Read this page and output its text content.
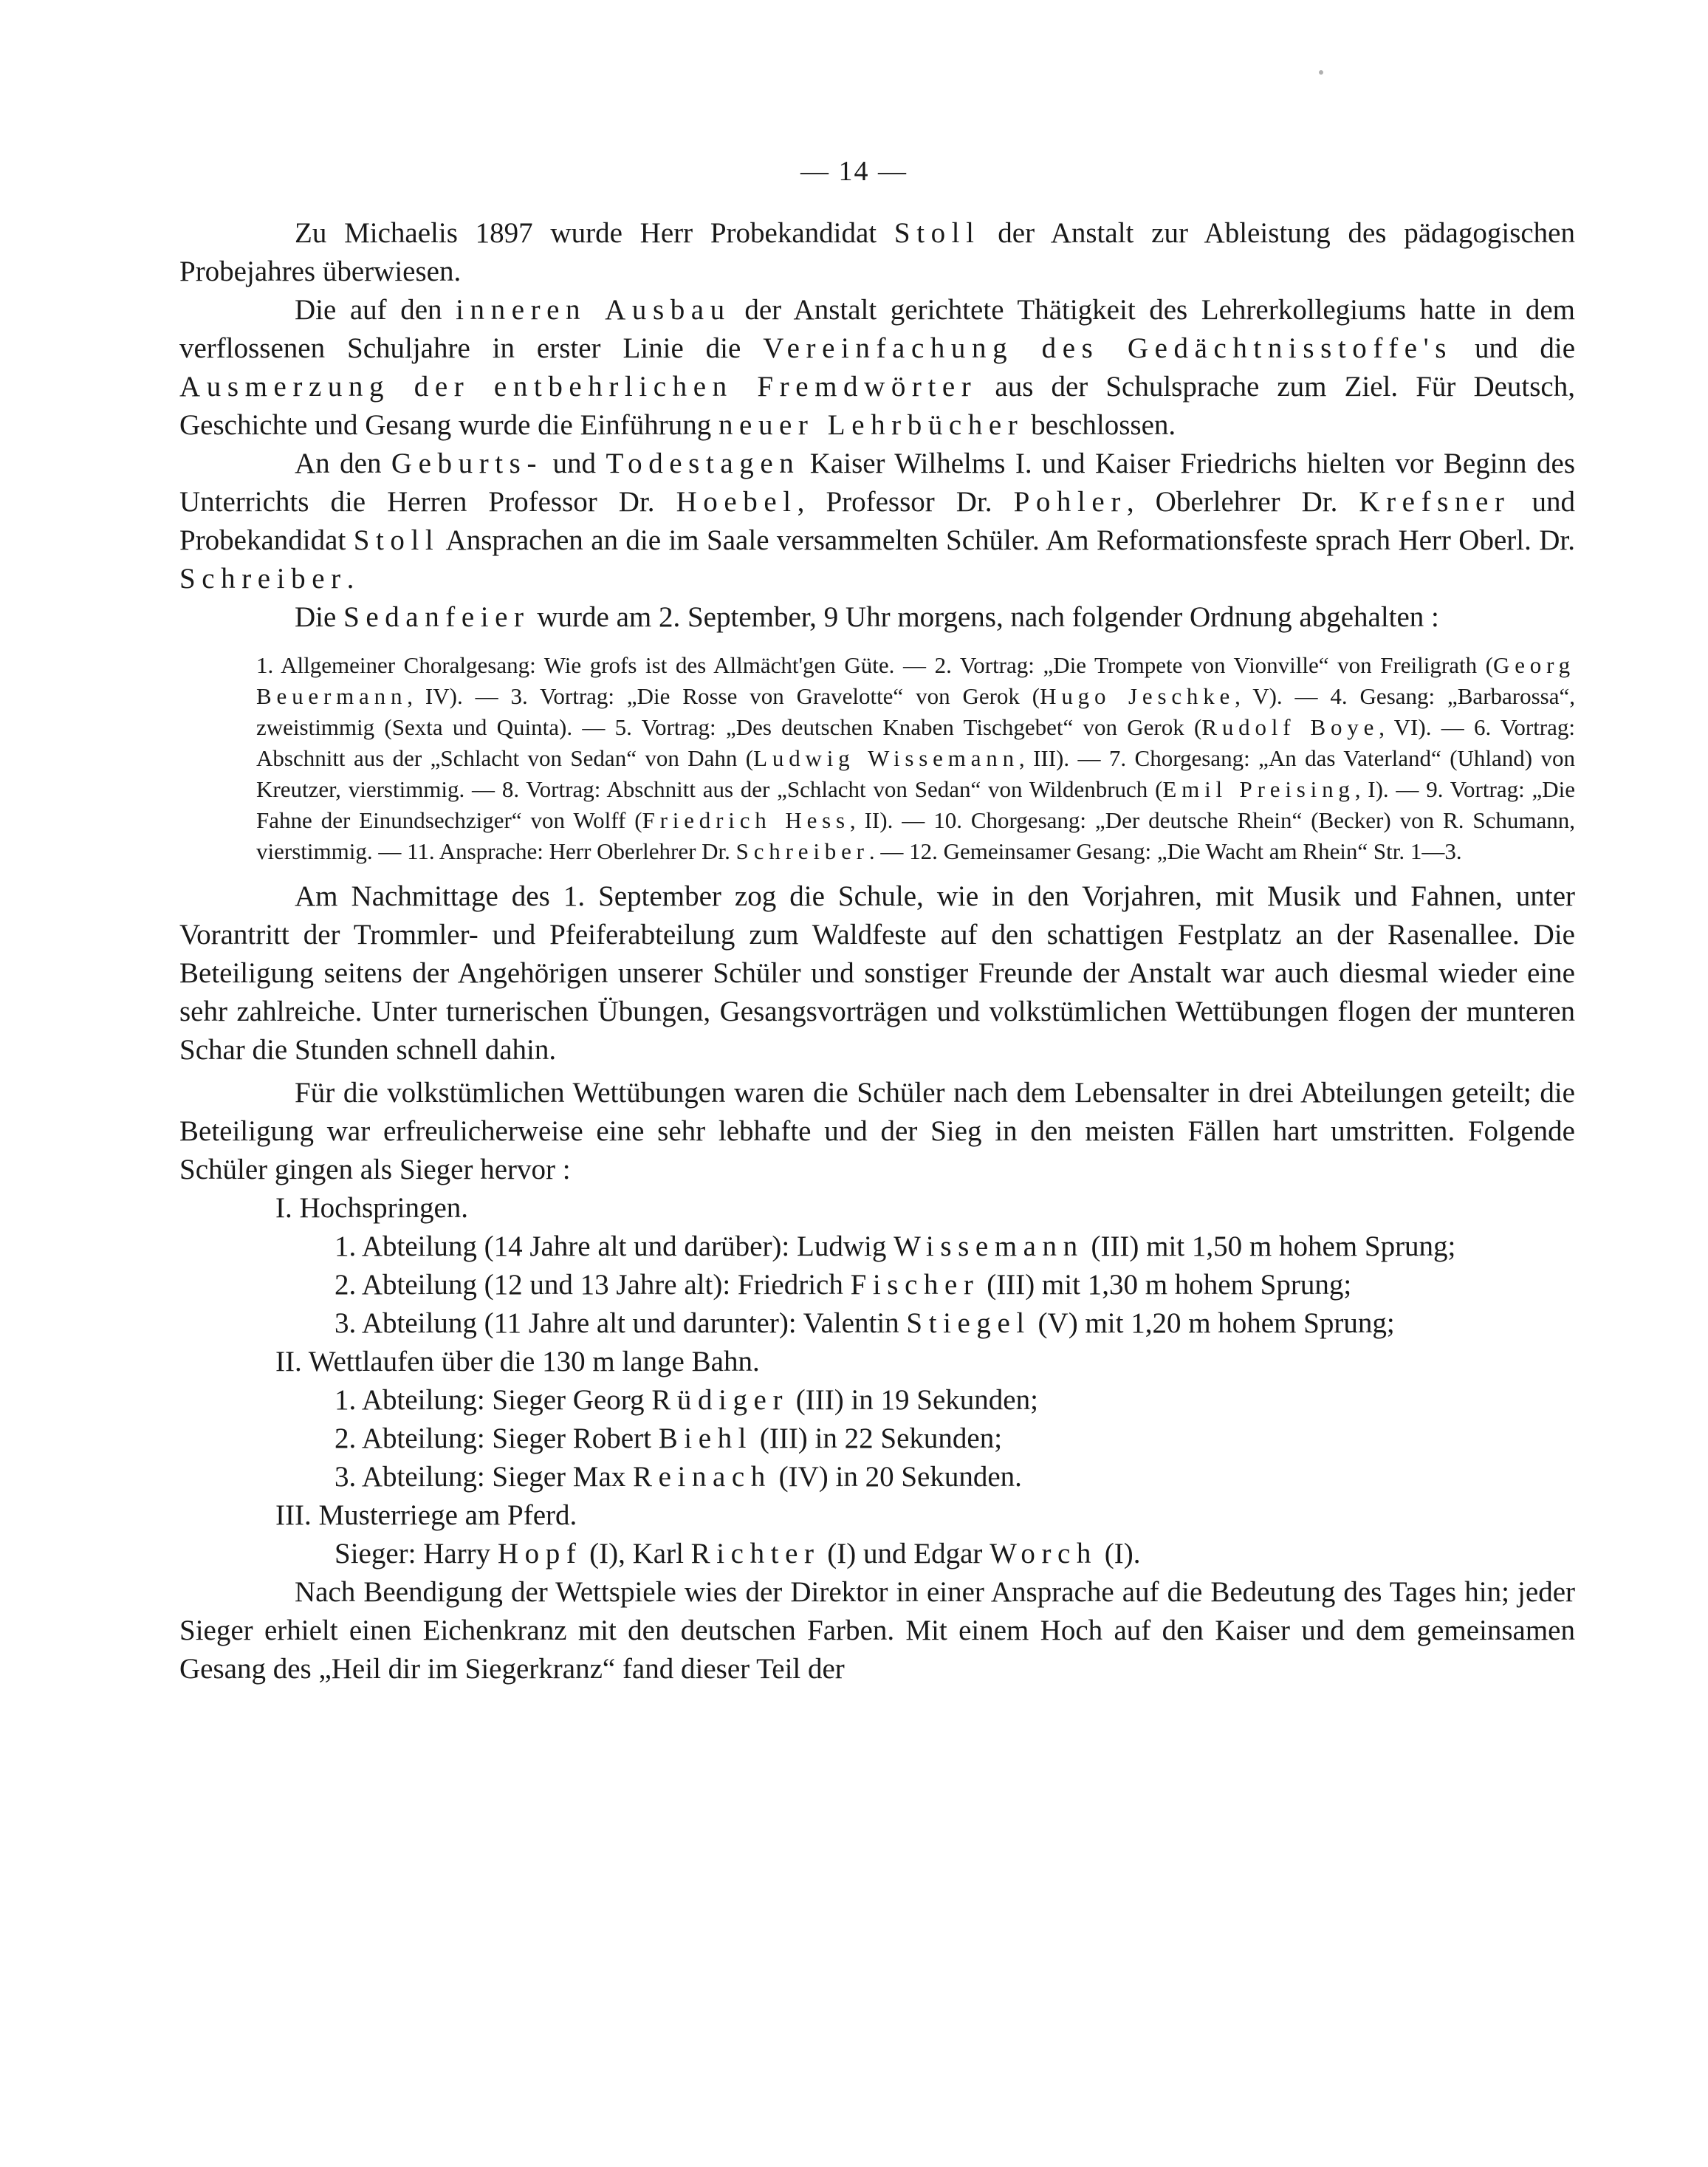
— 14 —

Zu Michaelis 1897 wurde Herr Probekandidat Stoll der Anstalt zur Ableistung des pädagogischen Probejahres überwiesen.

Die auf den inneren Ausbau der Anstalt gerichtete Thätigkeit des Lehrerkollegiums hatte in dem verflossenen Schuljahre in erster Linie die Vereinfachung des Gedächtnisstoffe's und die Ausmerzung der entbehrlichen Fremdwörter aus der Schulsprache zum Ziel. Für Deutsch, Geschichte und Gesang wurde die Einführung neuer Lehrbücher beschlossen.

An den Geburts- und Todestagen Kaiser Wilhelms I. und Kaiser Friedrichs hielten vor Beginn des Unterrichts die Herren Professor Dr. Hoebel, Professor Dr. Pohler, Oberlehrer Dr. Krefsner und Probekandidat Stoll Ansprachen an die im Saale versammelten Schüler. Am Reformationsfeste sprach Herr Oberl. Dr. Schreiber.

Die Sedanfeier wurde am 2. September, 9 Uhr morgens, nach folgender Ordnung abgehalten :

1. Allgemeiner Choralgesang: Wie grofs ist des Allmächt'gen Güte. — 2. Vortrag: „Die Trompete von Vionville“ von Freiligrath (Georg Beuermann, IV). — 3. Vortrag: „Die Rosse von Gravelotte“ von Gerok (Hugo Jeschke, V). — 4. Gesang: „Barbarossa“, zweistimmig (Sexta und Quinta). — 5. Vortrag: „Des deutschen Knaben Tischgebet“ von Gerok (Rudolf Boye, VI). — 6. Vortrag: Abschnitt aus der „Schlacht von Sedan“ von Dahn (Ludwig Wissemann, III). — 7. Chorgesang: „An das Vaterland“ (Uhland) von Kreutzer, vierstimmig. — 8. Vortrag: Abschnitt aus der „Schlacht von Sedan“ von Wildenbruch (Emil Preising, I). — 9. Vortrag: „Die Fahne der Einundsechziger“ von Wolff (Friedrich Hess, II). — 10. Chorgesang: „Der deutsche Rhein“ (Becker) von R. Schumann, vierstimmig. — 11. Ansprache: Herr Oberlehrer Dr. Schreiber. — 12. Gemeinsamer Gesang: „Die Wacht am Rhein“ Str. 1—3.

Am Nachmittage des 1. September zog die Schule, wie in den Vorjahren, mit Musik und Fahnen, unter Vorantritt der Trommler- und Pfeiferabteilung zum Waldfeste auf den schattigen Festplatz an der Rasenallee. Die Beteiligung seitens der Angehörigen unserer Schüler und sonstiger Freunde der Anstalt war auch diesmal wieder eine sehr zahlreiche. Unter turnerischen Übungen, Gesangsvorträgen und volkstümlichen Wettübungen flogen der munteren Schar die Stunden schnell dahin.

Für die volkstümlichen Wettübungen waren die Schüler nach dem Lebensalter in drei Abteilungen geteilt; die Beteiligung war erfreulicherweise eine sehr lebhafte und der Sieg in den meisten Fällen hart umstritten. Folgende Schüler gingen als Sieger hervor :

I. Hochspringen.
1. Abteilung (14 Jahre alt und darüber): Ludwig Wissemann (III) mit 1,50 m hohem Sprung;
2. Abteilung (12 und 13 Jahre alt): Friedrich Fischer (III) mit 1,30 m hohem Sprung;
3. Abteilung (11 Jahre alt und darunter): Valentin Stiegel (V) mit 1,20 m hohem Sprung;
II. Wettlaufen über die 130 m lange Bahn.
1. Abteilung: Sieger Georg Rüdiger (III) in 19 Sekunden;
2. Abteilung: Sieger Robert Biehl (III) in 22 Sekunden;
3. Abteilung: Sieger Max Reinach (IV) in 20 Sekunden.
III. Musterriege am Pferd.
Sieger: Harry Hopf (I), Karl Richter (I) und Edgar Worch (I).

Nach Beendigung der Wettspiele wies der Direktor in einer Ansprache auf die Bedeutung des Tages hin; jeder Sieger erhielt einen Eichenkranz mit den deutschen Farben. Mit einem Hoch auf den Kaiser und dem gemeinsamen Gesang des „Heil dir im Siegerkranz“ fand dieser Teil der
